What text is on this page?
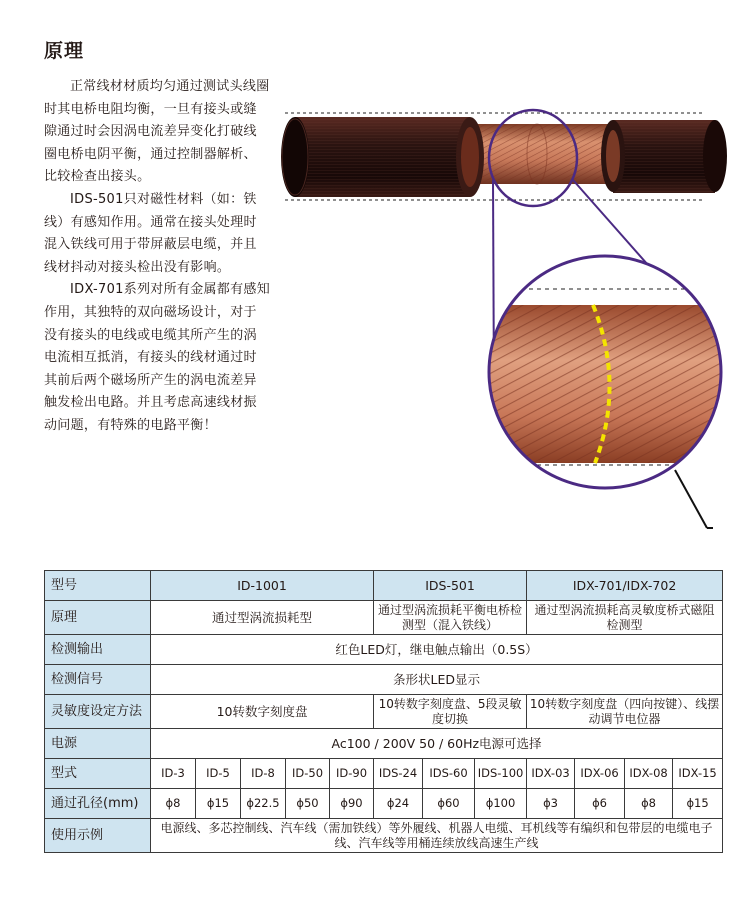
原理

正常线材材质均匀通过测试头线圈时其电桥电阻均衡，一旦有接头或缝隙通过时会因涡电流差异变化打破线圈电桥电阴平衡，通过控制器解析、比较检查出接头。

IDS-501只对磁性材料（如：铁线）有感知作用。通常在接头处理时混入铁线可用于带屏蔽层电缆，并且线材抖动对接头检出没有影响。

IDX-701系列对所有金属都有感知作用，其独特的双向磁场设计，对于没有接头的电线或电缆其所产生的涡电流相互抵消，有接头的线材通过时其前后两个磁场所产生的涡电流差异触发检出电路。并且考虑高速线材振动问题，有特殊的电路平衡！

型号	ID-1001					IDS-501			IDX-701/IDX-702			
原理	通过型涡流损耗型					通过型涡流损耗平衡电桥检测型（混入铁线）			通过型涡流损耗高灵敏度桥式磁阻检测型			
检测输出	红色LED灯，继电触点输出（0.5S）											
检测信号	条形状LED显示											
灵敏度设定方法	10转数字刻度盘					10转数字刻度盘、5段灵敏度切换			10转数字刻度盘（四向按键）、线摆动调节电位器			
电源	Ac100 / 200V 50 / 60Hz电源可选择											
型式	ID-3	ID-5	ID-8	ID-50	ID-90	IDS-24	IDS-60	IDS-100	IDX-03	IDX-06	IDX-08	IDX-15
通过孔径(mm)	ϕ8	ϕ15	ϕ22.5	ϕ50	ϕ90	ϕ24	ϕ60	ϕ100	ϕ3	ϕ6	ϕ8	ϕ15
使用示例	电源线、多芯控制线、汽车线（需加铁线）等外履线、机器人电缆、耳机线等有编织和包带层的电缆电子线、汽车线等用桶连续放线高速生产线											
